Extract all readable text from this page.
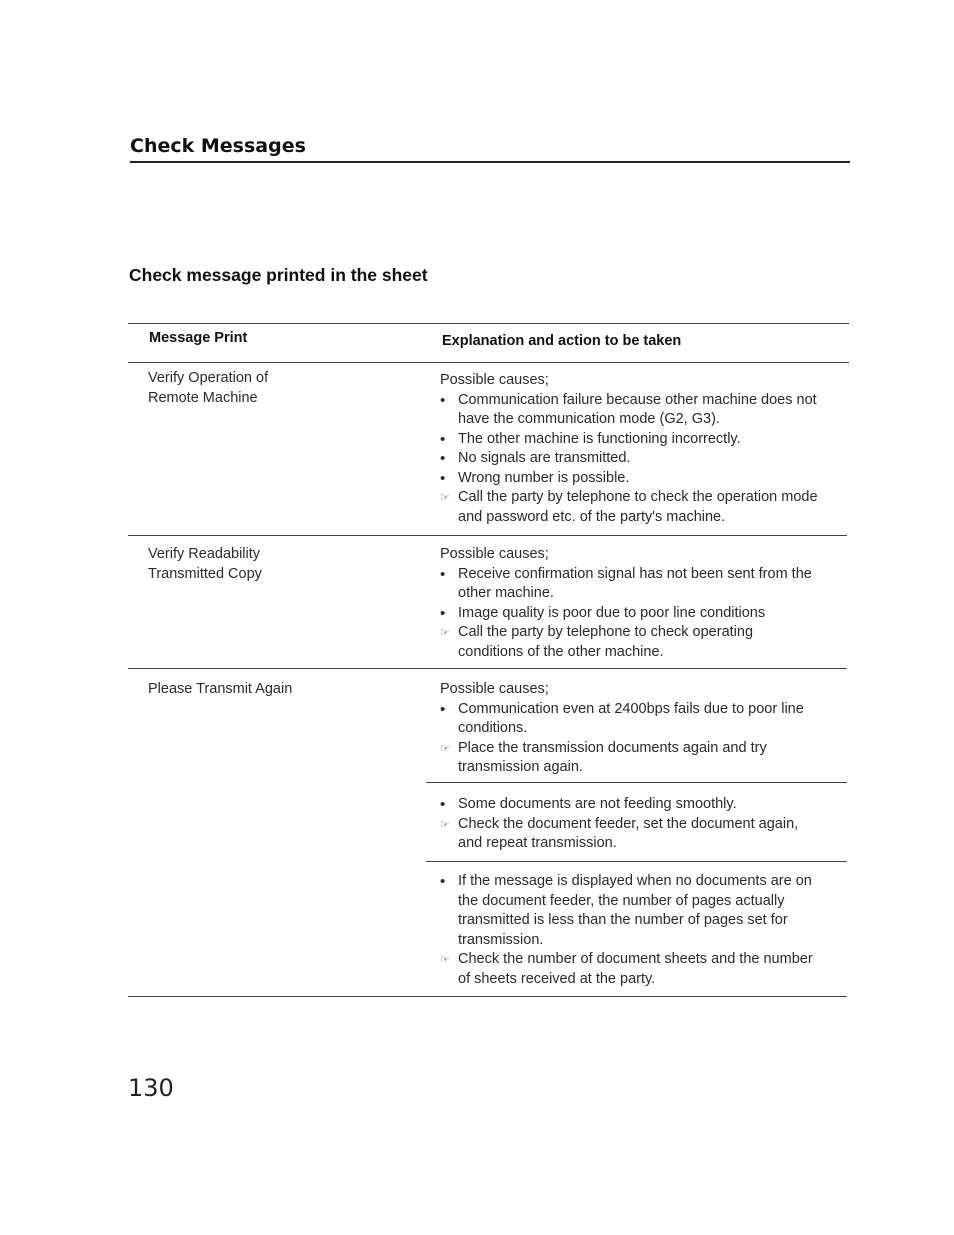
Check Messages
Check message printed in the sheet
Message Print	Explanation and action to be taken
Verify Operation of
Remote Machine
Possible causes;
•
Communication failure because other machine does not
have the communication mode (G2, G3).
•
The other machine is functioning incorrectly.
•
No signals are transmitted.
•
Wrong number is possible.
☞ Call the party by telephone to check the operation mode
and password etc. of the party's machine.
Verify Readability
Transmitted Copy
Possible causes;
•
Receive confirmation signal has not been sent from the
other machine.
•
Image quality is poor due to poor line conditions
☞ Call the party by telephone to check operating
conditions of the other machine.
Please Transmit Again	Possible causes;
•
Communication even at 2400bps fails due to poor line
conditions.
☞ Place the transmission documents again and try
transmission again.
•
Some documents are not feeding smoothly.
☞ Check the document feeder, set the document again,
and repeat transmission.
•
If the message is displayed when no documents are on
the document feeder, the number of pages actually
transmitted is less than the number of pages set for
transmission.
☞ Check the number of document sheets and the number
of sheets received at the party.
130
